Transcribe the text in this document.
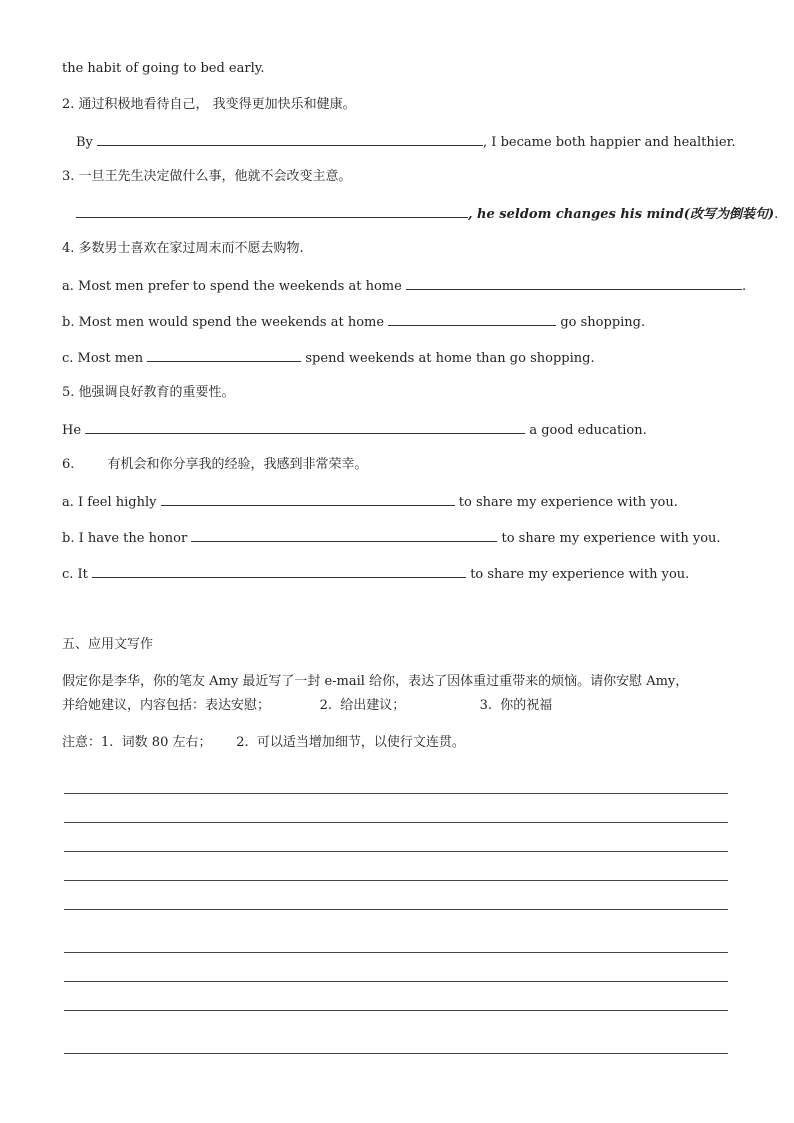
the habit of going to bed early.
2. 通过积极地看待自己， 我变得更加快乐和健康。
By	, I became both happier and healthier.
3. 一旦王先生决定做什么事，他就不会改变主意。
, he seldom changes his mind(改写为倒装句).
4. 多数男士喜欢在家过周末而不愿去购物.
a. Most men prefer to spend the weekends at home	.
b. Most men would spend the weekends at home	go shopping.
c. Most men	spend weekends at home than go shopping.
5. 他强调良好教育的重要性。
He	a good education.
6.        有机会和你分享我的经验，我感到非常荣幸。
a. I feel highly	to share my experience with you.
b. I have the honor	to share my experience with you.
c. It	to share my experience with you.
五、应用文写作
假定你是李华，你的笔友 Amy 最近写了一封 e-mail 给你，表达了因体重过重带来的烦恼。请你安慰 Amy，
并给她建议，内容包括：表达安慰；            2.  给出建议；                  3.  你的祝福
注意：1.  词数 80 左右；      2.  可以适当增加细节，以使行文连贯。
